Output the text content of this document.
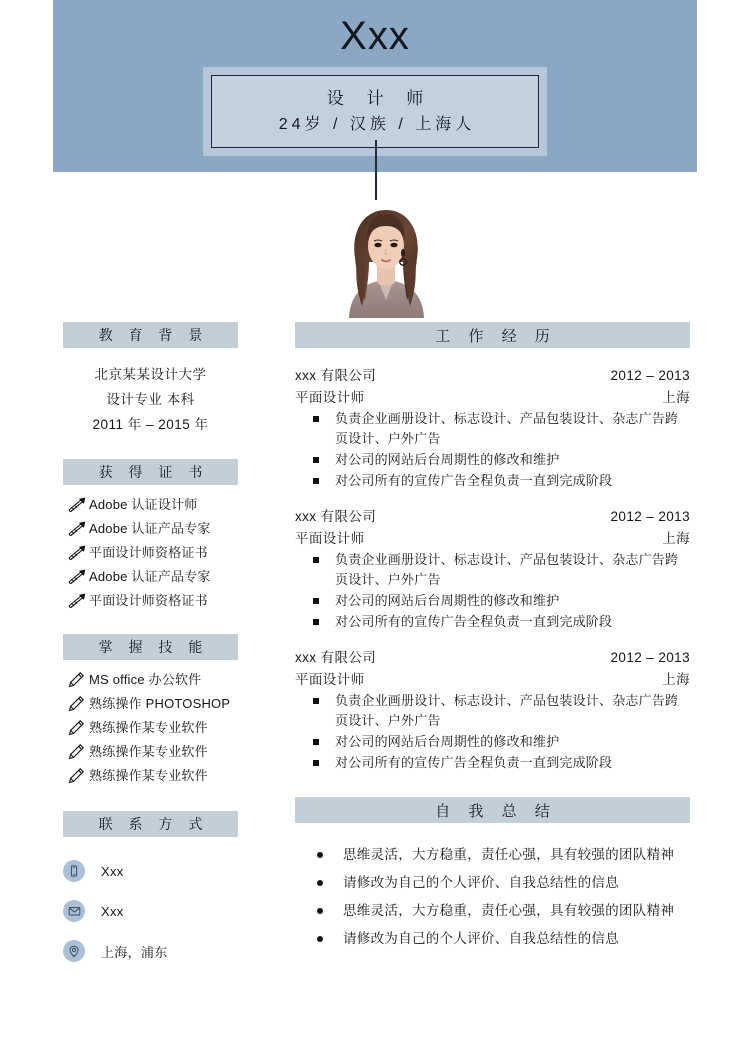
Xxx
设 计 师
24岁 / 汉族 / 上海人
教 育 背 景
北京某某设计大学
设计专业 本科
2011 年 – 2015 年
获 得 证 书
Adobe 认证设计师
Adobe 认证产品专家
平面设计师资格证书
Adobe 认证产品专家
平面设计师资格证书
掌 握 技 能
MS office 办公软件
熟练操作 PHOTOSHOP
熟练操作某专业软件
熟练操作某专业软件
熟练操作某专业软件
联 系 方 式
Xxx
Xxx
上海，浦东
工 作 经 历
xxx 有限公司	2012 – 2013
平面设计师	上海
负责企业画册设计、标志设计、产品包装设计、杂志广告跨页设计、户外广告
对公司的网站后台周期性的修改和维护
对公司所有的宣传广告全程负责一直到完成阶段
xxx 有限公司	2012 – 2013
平面设计师	上海
负责企业画册设计、标志设计、产品包装设计、杂志广告跨页设计、户外广告
对公司的网站后台周期性的修改和维护
对公司所有的宣传广告全程负责一直到完成阶段
xxx 有限公司	2012 – 2013
平面设计师	上海
负责企业画册设计、标志设计、产品包装设计、杂志广告跨页设计、户外广告
对公司的网站后台周期性的修改和维护
对公司所有的宣传广告全程负责一直到完成阶段
自 我 总 结
思维灵活，大方稳重，责任心强，具有较强的团队精神
请修改为自己的个人评价、自我总结性的信息
思维灵活，大方稳重，责任心强，具有较强的团队精神
请修改为自己的个人评价、自我总结性的信息
